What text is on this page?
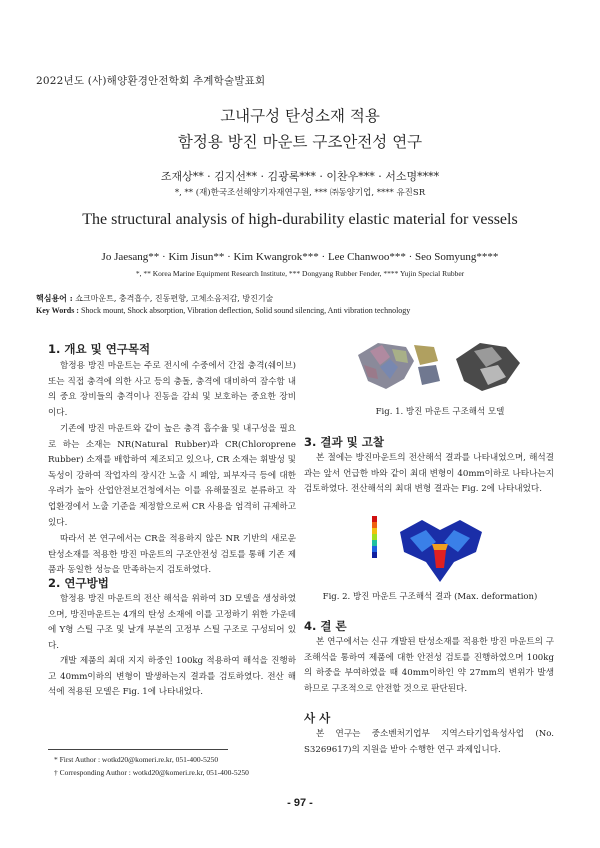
2022년도 (사)해양환경안전학회 추계학술발표회
고내구성 탄성소재 적용
함정용 방진 마운트 구조안전성 연구
조재상** · 김지선** · 김광록*** · 이찬우*** · 서소명****
*, ** (재)한국조선해양기자재연구원, *** ㈜동양기업, **** 유진SR
The structural analysis of high-durability elastic material for vessels
Jo Jaesang** · Kim Jisun** · Kim Kwangrok*** · Lee Chanwoo*** · Seo Somyung****
*, ** Korea Marine Equipment Research Institute, *** Dongyang Rubber Fender, **** Yujin Special Rubber
핵심용어 : 쇼크마운트, 충격흡수, 진동편향, 고체소음저감, 방진기술
Key Words : Shock mount, Shock absorption, Vibration deflection, Solid sound silencing, Anti vibration technology
1. 개요 및 연구목적
함정용 방진 마운트는 주로 전시에 수중에서 간접 충격(쉐이브) 또는 직접 충격에 의한 사고 등의 충돌, 충격에 대비하여 잠수함 내의 중요 장비들의 충격이나 진동을 감쇠 및 보호하는 중요한 장비이다.
기존에 방진 마운트와 같이 높은 충격 흡수율 및 내구성을 필요로 하는 소재는 NR(Natural Rubber)과 CR(Chloroprene Rubber) 소재를 배합하여 제조되고 있으나, CR 소재는 휘발성 및 독성이 강하여 작업자의 장시간 노출 시 폐암, 피부자극 등에 대한 우려가 높아 산업안전보건청에서는 이를 유해물질로 분류하고 작업환경에서 노출 기준을 제정함으로써 CR 사용을 엄격히 규제하고 있다.
따라서 본 연구에서는 CR을 적용하지 않은 NR 기반의 새로운 탄성소재를 적용한 방진 마운트의 구조안전성 검토를 통해 기존 제품과 동일한 성능을 만족하는지 검토하였다.
2. 연구방법
함정용 방진 마운트의 전산 해석을 위하여 3D 모델을 생성하였으며, 방진마운트는 4개의 탄성 소재에 이를 고정하기 위한 가운데에 Y형 스틸 구조 및 날개 부분의 고정부 스틸 구조로 구성되어 있다.
개발 제품의 최대 지지 하중인 100kg 적용하여 해석을 진행하고 40mm이하의 변형이 발생하는지 결과를 검토하였다. 전산 해석에 적용된 모델은 Fig. 1에 나타내었다.
* First Author : wotkd20@komeri.re.kr, 051-400-5250
† Corresponding Author : wotkd20@komeri.re.kr, 051-400-5250
Fig. 1. 방진 마운트 구조해석 모델
3. 결과 및 고찰
본 절에는 방진마운트의 전산해석 결과를 나타내었으며, 해석결과는 앞서 언급한 바와 같이 최대 변형이 40mm이하로 나타나는지 검토하였다. 전산해석의 최대 변형 결과는 Fig. 2에 나타내었다.
Fig. 2. 방진 마운트 구조해석 결과 (Max. deformation)
4. 결 론
본 연구에서는 신규 개발된 탄성소재를 적용한 방진 마운트의 구조해석을 통하여 제품에 대한 안전성 검토를 진행하였으며 100kg의 하중을 부여하였을 때 40mm이하인 약 27mm의 변위가 발생하므로 구조적으로 안전할 것으로 판단된다.
사 사
본 연구는 중소벤처기업부 지역스타기업육성사업 (No. S3269617)의 지원을 받아 수행한 연구 과제입니다.
- 97 -
